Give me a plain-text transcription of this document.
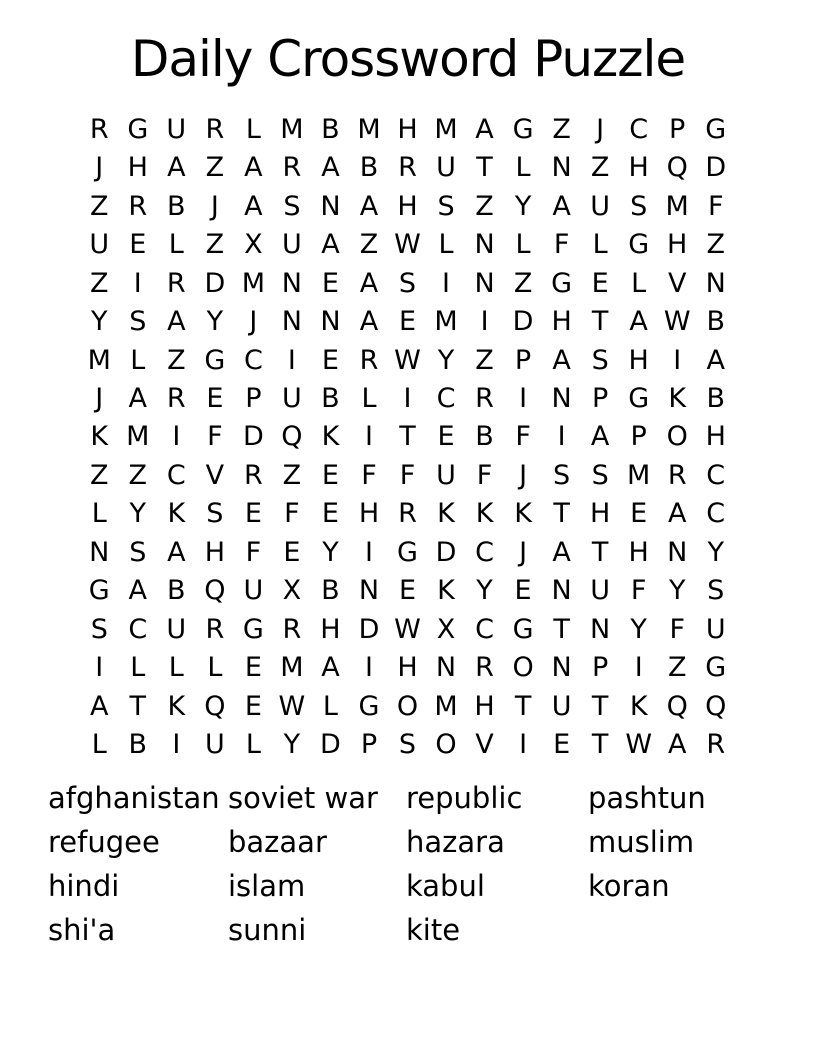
Daily Crossword Puzzle
R G U R L M B M H M A G Z J C P G
J H A Z A R A B R U T L N Z H Q D
Z R B J A S N A H S Z Y A U S M F
U E L Z X U A Z W L N L F L G H Z
Z I R D M N E A S I N Z G E L V N
Y S A Y J N N A E M I D H T A W B
M L Z G C I E R W Y Z P A S H I A
J A R E P U B L	I C R I N P G K B
K M I F D Q K I T E B F I A P O H
Z Z C V R Z E F F U F J S S M R C
L Y K S E F E H R K K K T H E A C
N S A H F E Y I G D C J A T H N Y
G A B Q U X B N E K Y E N U F Y S
S C U R G R H D W X C G T N Y F U
I	L L L E M A I H N R O N P I Z G
A T K Q E W L G O M H T U T K Q Q
L B I U L Y D P S O V I E T W A R
afghanistan
refugee
hindi
shi'a
soviet war
bazaar
islam
sunni
republic
hazara
kabul
kite
pashtun
muslim
koran
